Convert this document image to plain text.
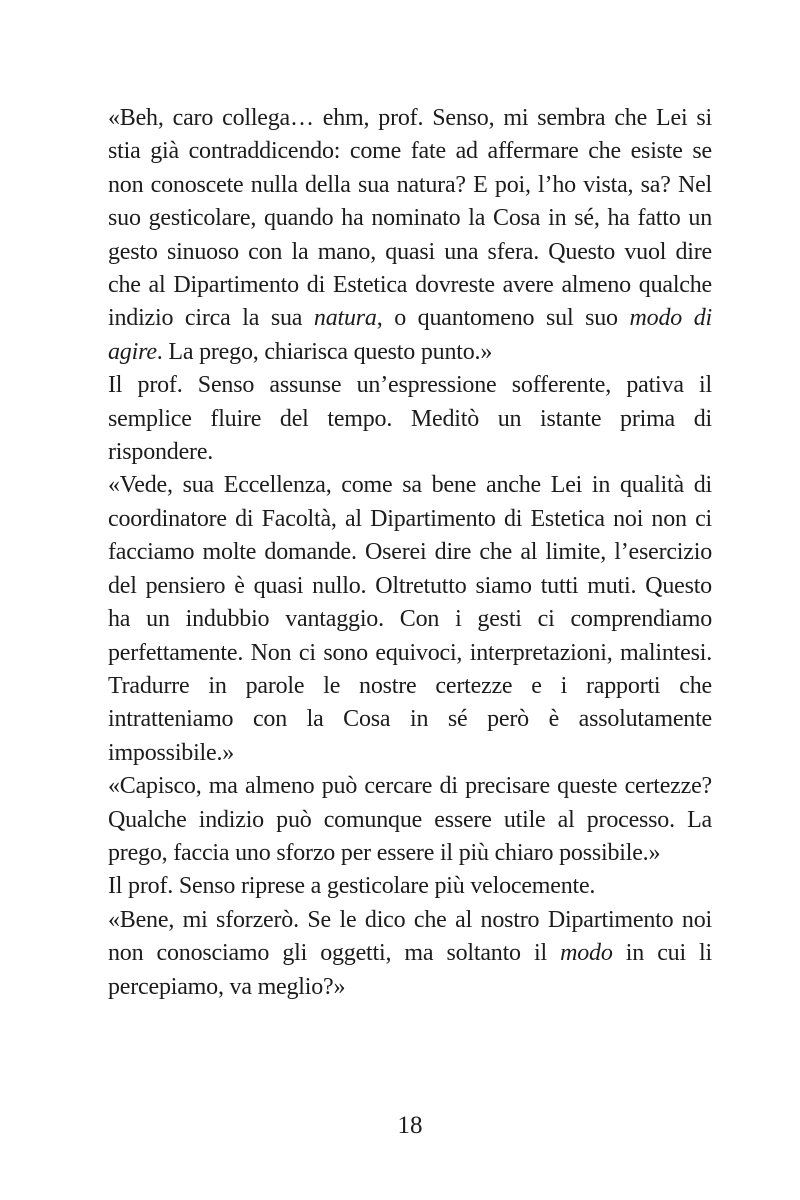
«Beh, caro collega… ehm, prof. Senso, mi sembra che Lei si stia già contraddicendo: come fate ad affermare che esiste se non conoscete nulla della sua natura? E poi, l’ho vista, sa? Nel suo gesticolare, quando ha nominato la Cosa in sé, ha fatto un gesto sinuoso con la mano, quasi una sfera. Questo vuol dire che al Dipartimento di Estetica dovreste avere almeno qualche indizio circa la sua natura, o quantomeno sul suo modo di agire. La prego, chiarisca questo punto.»

Il prof. Senso assunse un’espressione sofferente, pativa il semplice fluire del tempo. Meditò un istante prima di rispondere.

«Vede, sua Eccellenza, come sa bene anche Lei in qualità di coordinatore di Facoltà, al Dipartimento di Estetica noi non ci facciamo molte domande. Oserei dire che al limite, l’esercizio del pensiero è quasi nullo. Oltretutto siamo tutti muti. Questo ha un indubbio vantaggio. Con i gesti ci comprendiamo perfettamente. Non ci sono equivoci, interpretazioni, malintesi. Tradurre in parole le nostre certezze e i rapporti che intratteniamo con la Cosa in sé però è assolutamente impossibile.»

«Capisco, ma almeno può cercare di precisare queste certezze? Qualche indizio può comunque essere utile al processo. La prego, faccia uno sforzo per essere il più chiaro possibile.»

Il prof. Senso riprese a gesticolare più velocemente.

«Bene, mi sforzerò. Se le dico che al nostro Dipartimento noi non conosciamo gli oggetti, ma soltanto il modo in cui li percepiamo, va meglio?»

18
